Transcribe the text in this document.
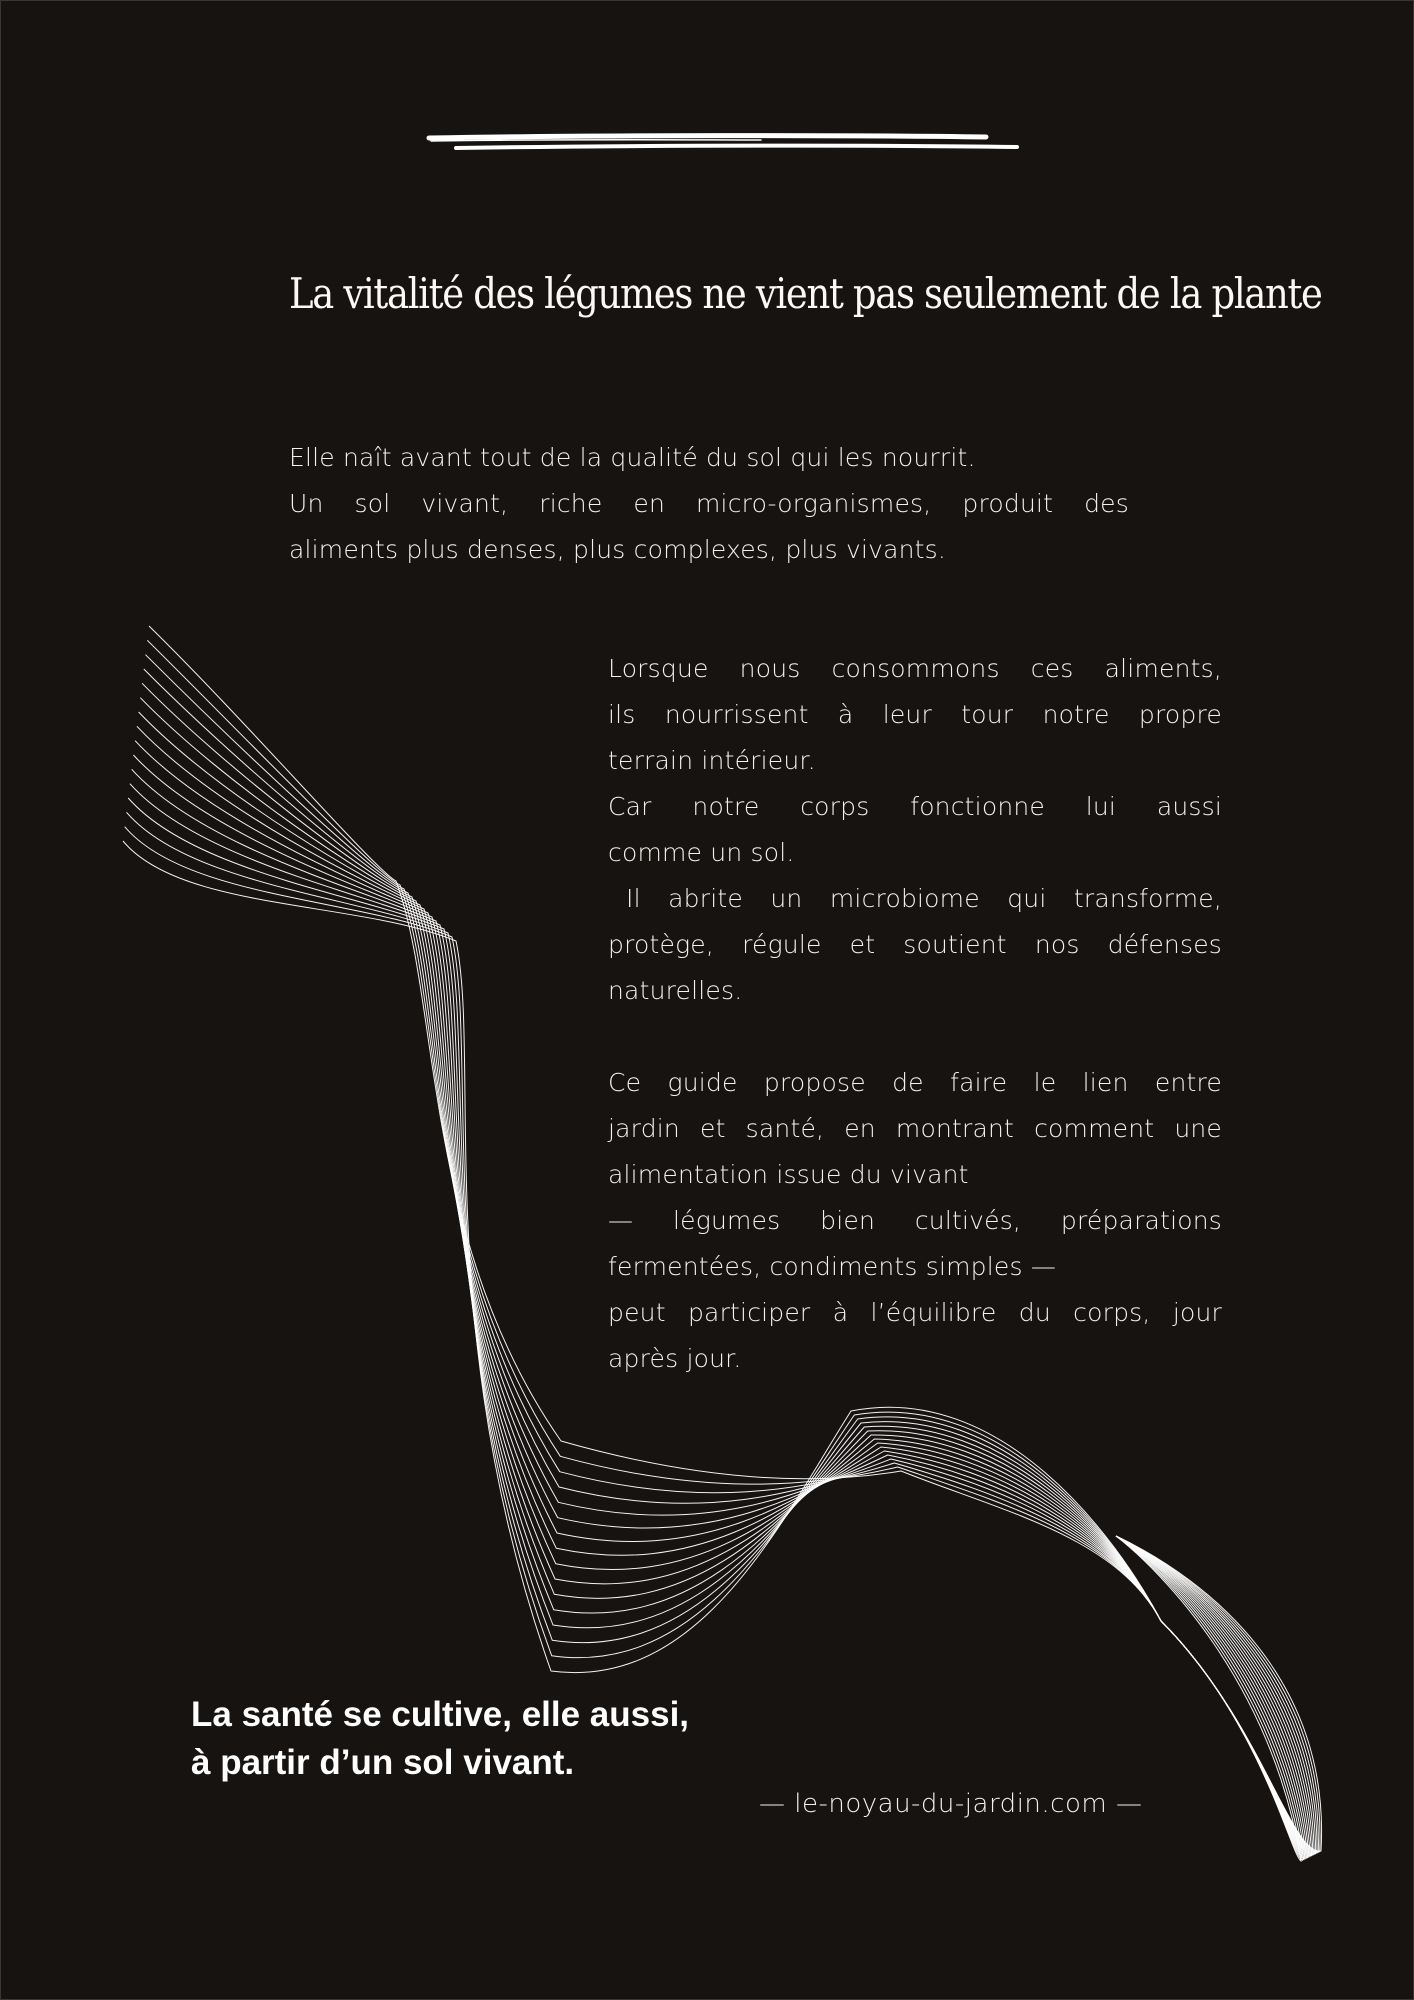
La vitalité des légumes ne vient pas seulement de la plante
Elle naît avant tout de la qualité du sol qui les nourrit.
Un sol vivant, riche en micro-organismes, produit des
aliments plus denses, plus complexes, plus vivants.
Lorsque nous consommons ces aliments,
ils nourrissent à leur tour notre propre
terrain intérieur.
Car notre corps fonctionne lui aussi
comme un sol.
Il abrite un microbiome qui transforme,
protège, régule et soutient nos défenses
naturelles.
Ce guide propose de faire le lien entre
jardin et santé, en montrant comment une
alimentation issue du vivant
— légumes bien cultivés, préparations
fermentées, condiments simples —
peut participer à l’équilibre du corps, jour
après jour.

La santé se cultive, elle aussi,
à partir d’un sol vivant.

— le-noyau-du-jardin.com —
